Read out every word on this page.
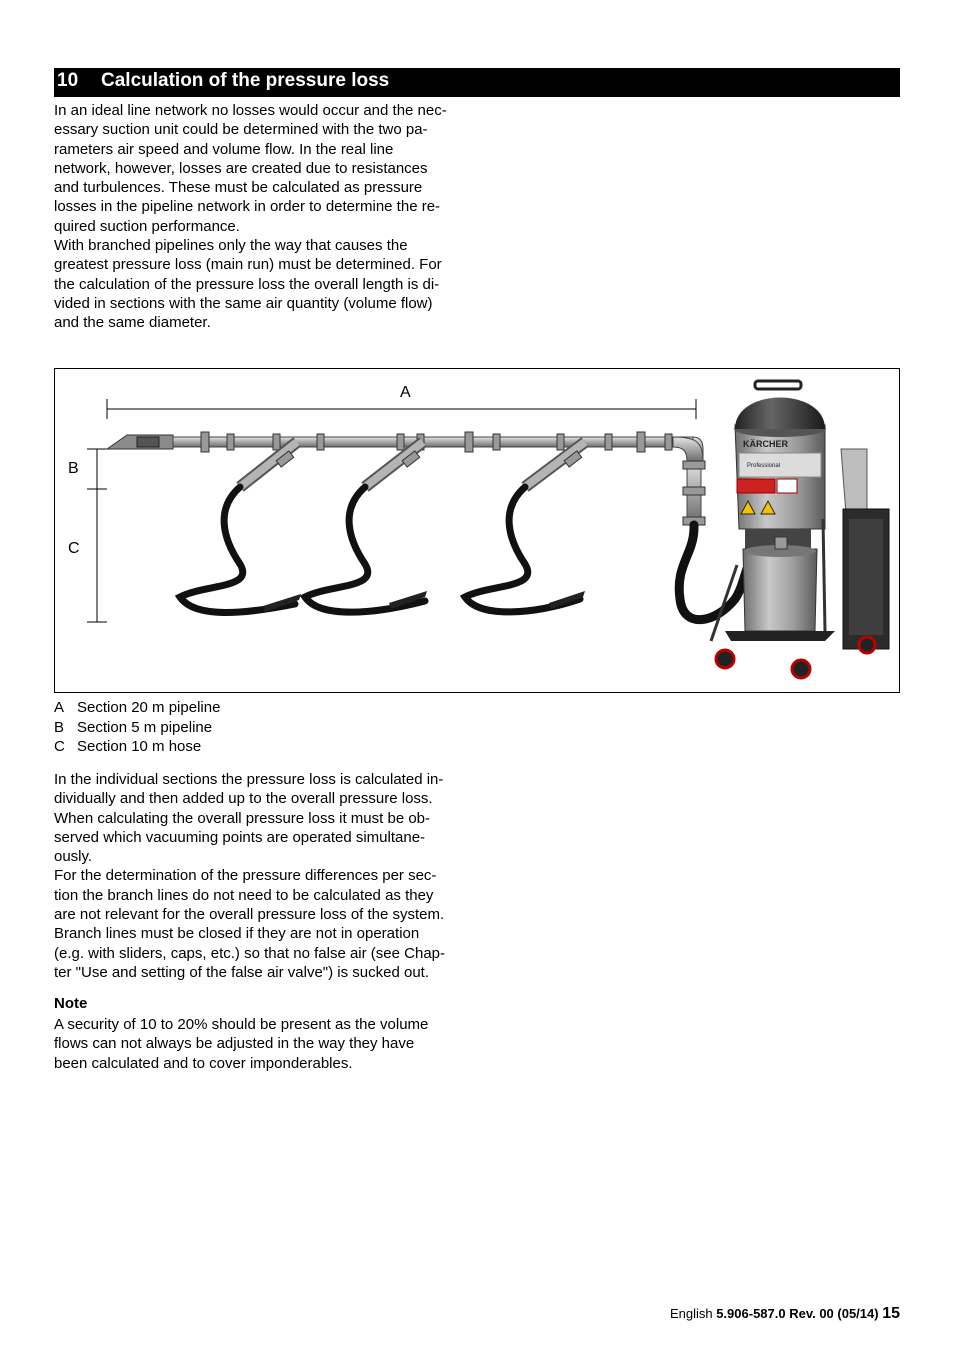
10 Calculation of the pressure loss

In an ideal line network no losses would occur and the nec-
essary suction unit could be determined with the two pa-
rameters air speed and volume flow. In the real line
network, however, losses are created due to resistances
and turbulences. These must be calculated as pressure
losses in the pipeline network in order to determine the re-
quired suction performance.
With branched pipelines only the way that causes the
greatest pressure loss (main run) must be determined. For
the calculation of the pressure loss the overall length is di-
vided in sections with the same air quantity (volume flow)
and the same diameter.

KÄRCHER
Professional
A
B
C
A Section 20 m pipeline
B Section 5 m pipeline
C Section 10 m hose

In the individual sections the pressure loss is calculated in-
dividually and then added up to the overall pressure loss.
When calculating the overall pressure loss it must be ob-
served which vacuuming points are operated simultane-
ously.
For the determination of the pressure differences per sec-
tion the branch lines do not need to be calculated as they
are not relevant for the overall pressure loss of the system.
Branch lines must be closed if they are not in operation
(e.g. with sliders, caps, etc.) so that no false air (see Chap-
ter "Use and setting of the false air valve") is sucked out.

Note

A security of 10 to 20% should be present as the volume
flows can not always be adjusted in the way they have
been calculated and to cover imponderables.

English 5.906-587.0 Rev. 00 (05/14) 15
